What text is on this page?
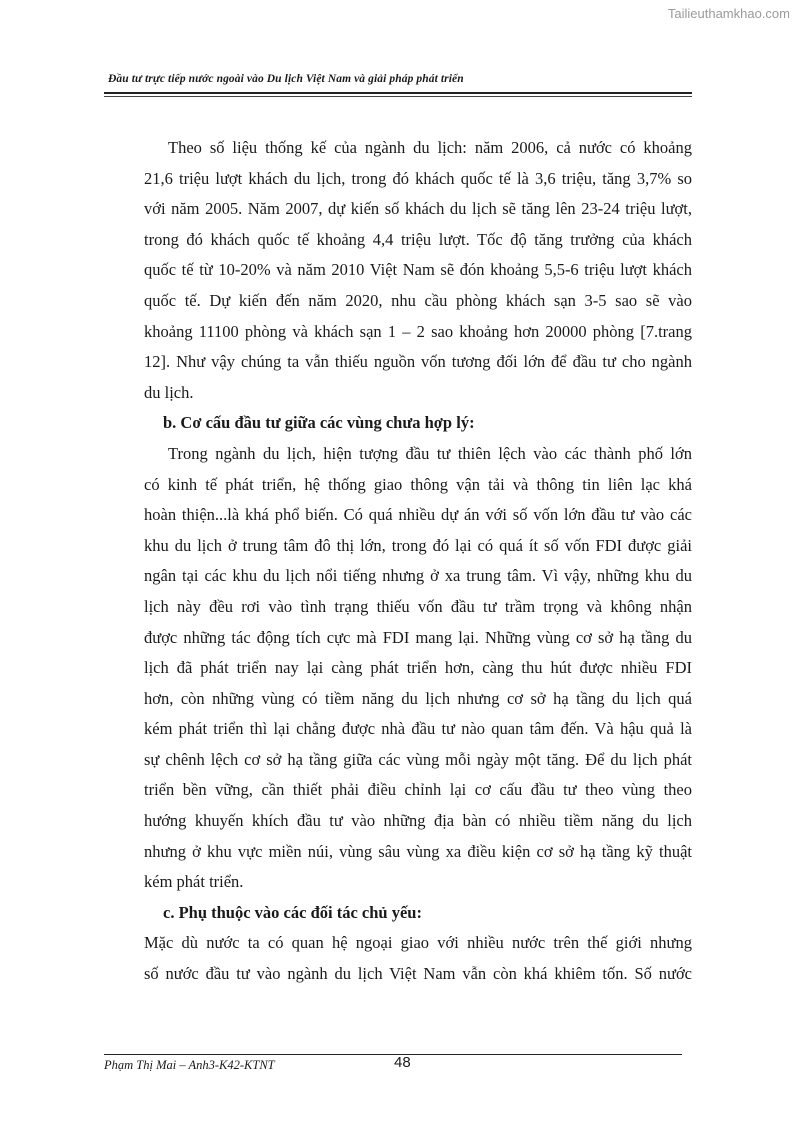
Tailieuthamkhao.com

Đầu tư trực tiếp nước ngoài vào Du lịch Việt Nam và giải pháp phát triển

Theo số liệu thống kế của ngành du lịch: năm 2006, cả nước có khoảng
21,6 triệu lượt khách du lịch, trong đó khách quốc tế là 3,6 triệu, tăng 3,7% so
với năm 2005. Năm 2007, dự kiến số khách du lịch sẽ tăng lên 23-24 triệu lượt,
trong đó khách quốc tế khoảng 4,4 triệu lượt. Tốc độ tăng trưởng của khách
quốc tế từ 10-20% và năm 2010 Việt Nam sẽ đón khoảng 5,5-6 triệu lượt khách
quốc tế. Dự kiến đến năm 2020, nhu cầu phòng khách sạn 3-5 sao sẽ vào
khoảng 11100 phòng và khách sạn 1 – 2 sao khoảng hơn 20000 phòng [7.trang
12]. Như vậy chúng ta vẫn thiếu nguồn vốn tương đối lớn để đầu tư cho ngành
du lịch.
b. Cơ cấu đầu tư giữa các vùng chưa hợp lý:
Trong ngành du lịch, hiện tượng đầu tư thiên lệch vào các thành phố lớn
có kinh tế phát triển, hệ thống giao thông vận tải và thông tin liên lạc khá
hoàn thiện...là khá phổ biến. Có quá nhiều dự án với số vốn lớn đầu tư vào các
khu du lịch ở trung tâm đô thị lớn, trong đó lại có quá ít số vốn FDI được giải
ngân tại các khu du lịch nổi tiếng nhưng ở xa trung tâm. Vì vậy, những khu du
lịch này đều rơi vào tình trạng thiếu vốn đầu tư trầm trọng và không nhận
được những tác động tích cực mà FDI mang lại. Những vùng cơ sở hạ tầng du
lịch đã phát triển nay lại càng phát triển hơn, càng thu hút được nhiều FDI
hơn, còn những vùng có tiềm năng du lịch nhưng cơ sở hạ tầng du lịch quá
kém phát triển thì lại chẳng được nhà đầu tư nào quan tâm đến. Và hậu quả là
sự chênh lệch cơ sở hạ tầng giữa các vùng mỗi ngày một tăng. Để du lịch phát
triển bền vững, cần thiết phải điều chỉnh lại cơ cấu đầu tư theo vùng theo
hướng khuyến khích đầu tư vào những địa bàn có nhiều tiềm năng du lịch
nhưng ở khu vực miền núi, vùng sâu vùng xa điều kiện cơ sở hạ tầng kỹ thuật
kém phát triển.
c. Phụ thuộc vào các đối tác chủ yếu:
Mặc dù nước ta có quan hệ ngoại giao với nhiều nước trên thế giới nhưng
số nước đầu tư vào ngành du lịch Việt Nam vẫn còn khá khiêm tốn. Số nước

Phạm Thị Mai – Anh3-K42-KTNT	48
